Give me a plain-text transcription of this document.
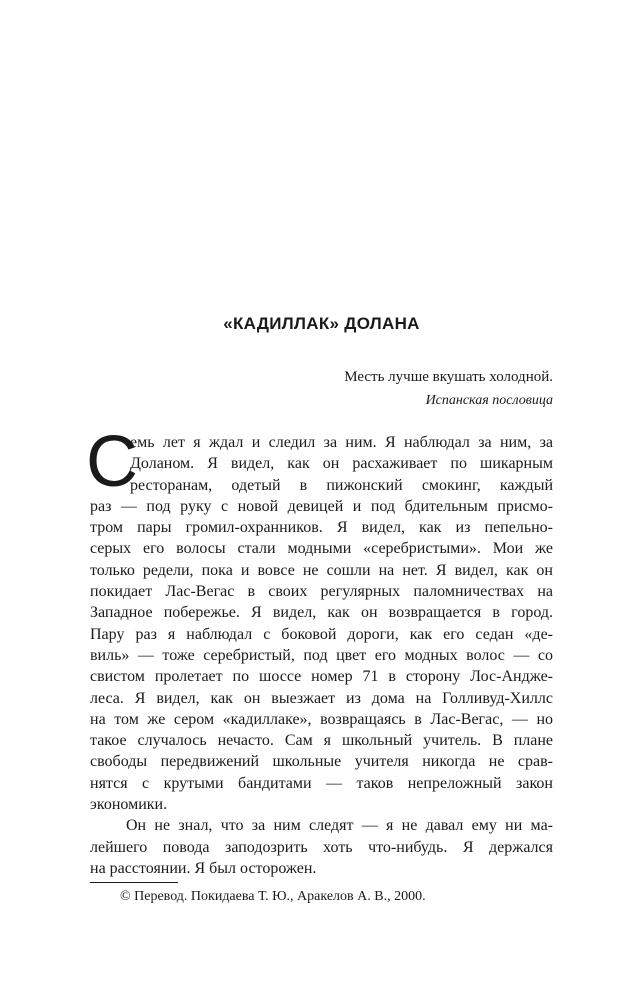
«КАДИЛЛАК» ДОЛАНА
Месть лучше вкушать холодной.
Испанская пословица
С
емь лет я ждал и следил за ним. Я наблюдал за ним, за
Доланом. Я видел, как он расхаживает по шикарным
ресторанам, одетый в пижонский смокинг, каждый
раз — под руку с новой девицей и под бдительным присмо-
тром пары громил-охранников. Я видел, как из пепельно-
серых его волосы стали модными «серебристыми». Мои же
только редели, пока и вовсе не сошли на нет. Я видел, как он
покидает Лас-Вегас в своих регулярных паломничествах на
Западное побережье. Я видел, как он возвращается в город.
Пару раз я наблюдал с боковой дороги, как его седан «де-
виль» — тоже серебристый, под цвет его модных волос — со
свистом пролетает по шоссе номер 71 в сторону Лос-Андже-
леса. Я видел, как он выезжает из дома на Голливуд-Хиллс
на том же сером «кадиллаке», возвращаясь в Лас-Вегас, — но
такое случалось нечасто. Сам я школьный учитель. В плане
свободы передвижений школьные учителя никогда не срав-
нятся с крутыми бандитами — таков непреложный закон
экономики.
Он не знал, что за ним следят — я не давал ему ни ма-
лейшего повода заподозрить хоть что-нибудь. Я держался
на расстоянии. Я был осторожен.
© Перевод. Покидаева Т. Ю., Аракелов А. В., 2000.
